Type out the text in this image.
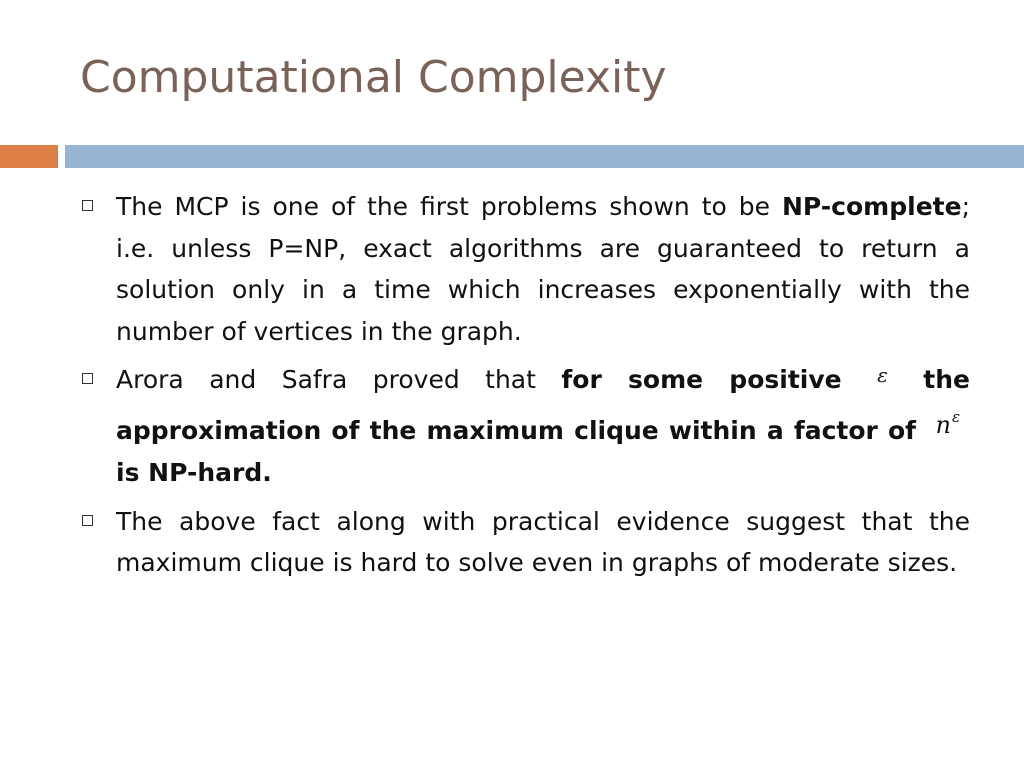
Computational Complexity
The MCP is one of the first problems shown to be NP-complete; i.e. unless P=NP, exact algorithms are guaranteed to return a solution only in a time which increases exponentially with the number of vertices in the graph.
Arora and Safra proved that for some positive $^\varepsilon$ the approximation of the maximum clique within a factor of $n^\varepsilon$ is NP-hard.
The above fact along with practical evidence suggest that the maximum clique is hard to solve even in graphs of moderate sizes.
